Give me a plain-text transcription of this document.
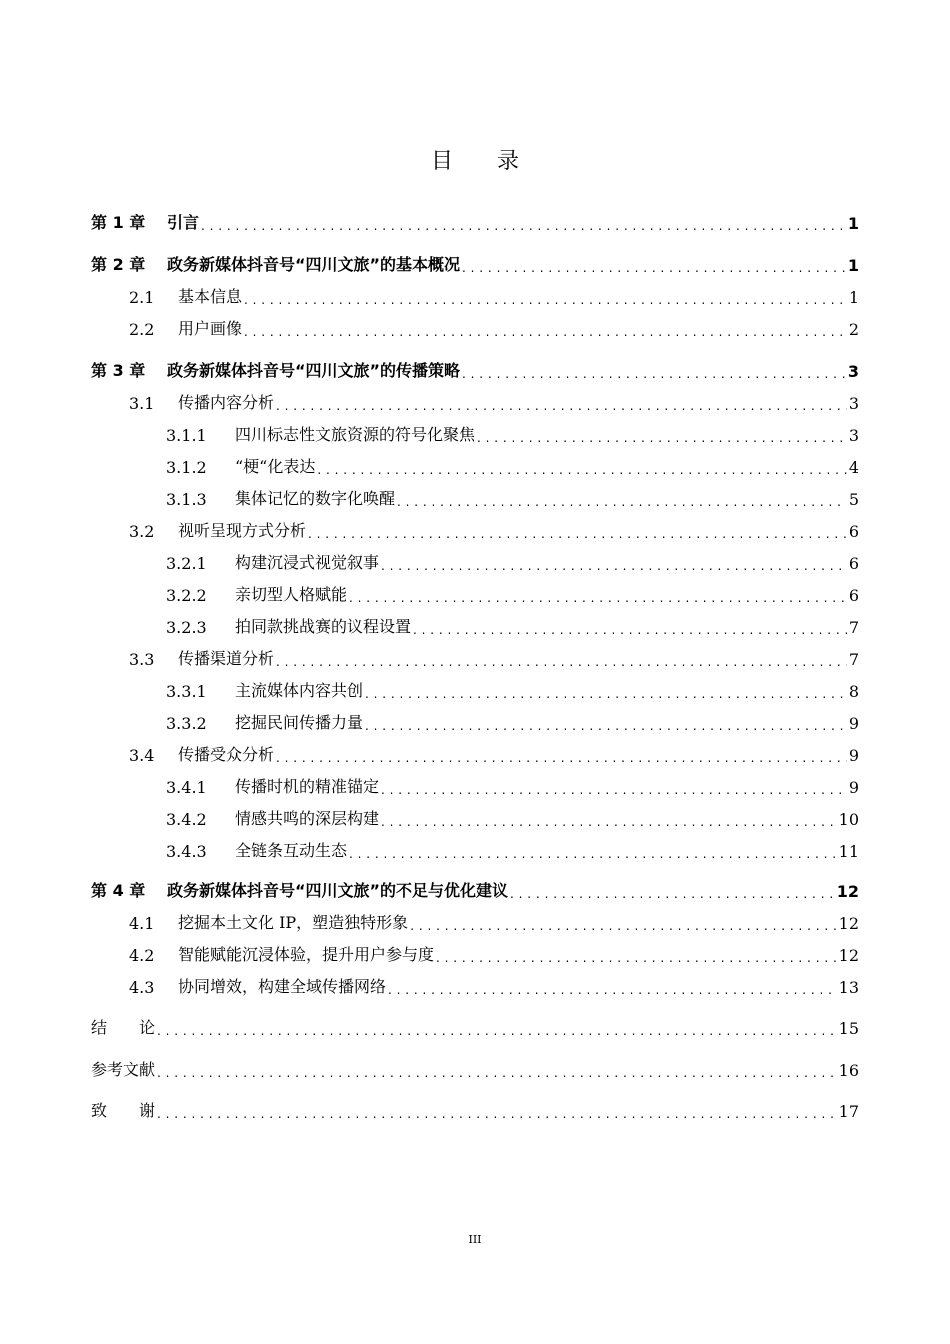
目　　录
第 1 章	引言 . . .	1
第 2 章	政务新媒体抖音号“四川文旅”的基本概况 . . .	1
2.1	基本信息 . . .	1
2.2	用户画像 . . .	2
第 3 章	政务新媒体抖音号“四川文旅”的传播策略 . . .	3
3.1	传播内容分析 . . .	3
3.1.1	四川标志性文旅资源的符号化聚焦 . . .	3
3.1.2	“梗“化表达 . . .	4
3.1.3	集体记忆的数字化唤醒 . . .	5
3.2	视听呈现方式分析 . . .	6
3.2.1	构建沉浸式视觉叙事 . . .	6
3.2.2	亲切型人格赋能 . . .	6
3.2.3	拍同款挑战赛的议程设置 . . .	7
3.3	传播渠道分析 . . .	7
3.3.1	主流媒体内容共创 . . .	8
3.3.2	挖掘民间传播力量 . . .	9
3.4	传播受众分析 . . .	9
3.4.1	传播时机的精准锚定 . . .	9
3.4.2	情感共鸣的深层构建 . . .	10
3.4.3	全链条互动生态 . . .	11
第 4 章	政务新媒体抖音号“四川文旅”的不足与优化建议 . . .	12
4.1	挖掘本土文化 IP，塑造独特形象 . . .	12
4.2	智能赋能沉浸体验，提升用户参与度 . . .	12
4.3	协同增效，构建全域传播网络 . . .	13
结　　论 . . .	15
参考文献 . . .	16
致　　谢 . . .	17
III
